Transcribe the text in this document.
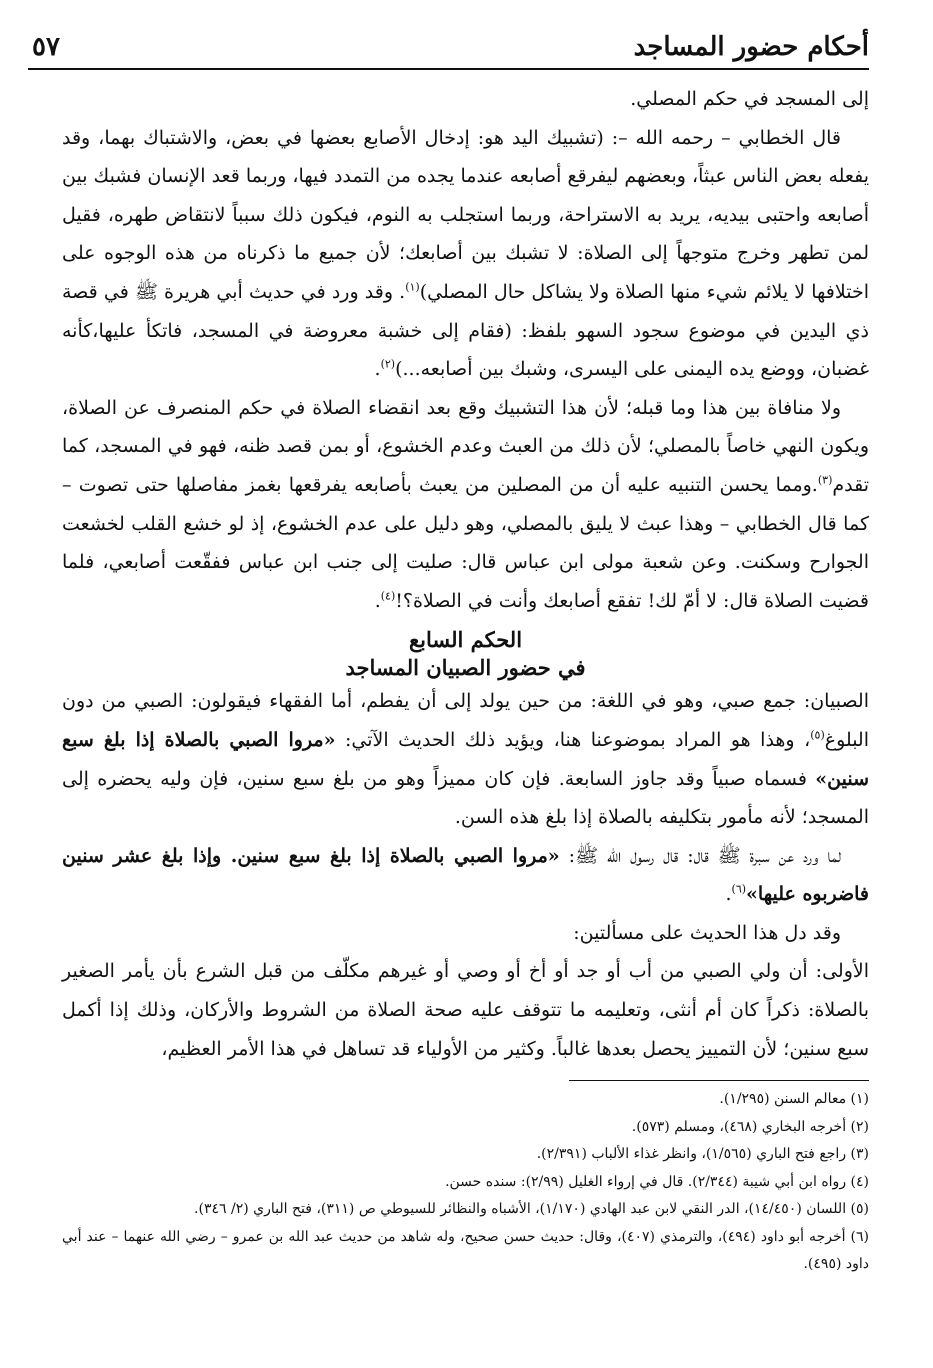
أحكام حضور المساجد
٥٧

إلى المسجد في حكم المصلي.

قال الخطابي – رحمه الله –: (تشبيك اليد هو: إدخال الأصابع بعضها في بعض، والاشتباك بهما، وقد يفعله بعض الناس عبثاً، وبعضهم ليفرقع أصابعه عندما يجده من التمدد فيها، وربما قعد الإنسان فشبك بين أصابعه واحتبى بيديه، يريد به الاستراحة، وربما استجلب به النوم، فيكون ذلك سبباً لانتقاض طهره، فقيل لمن تطهر وخرج متوجهاً إلى الصلاة: لا تشبك بين أصابعك؛ لأن جميع ما ذكرناه من هذه الوجوه على اختلافها لا يلائم شيء منها الصلاة ولا يشاكل حال المصلي)$^{(١)}$. وقد ورد في حديث أبي هريرة ﷺ في قصة ذي اليدين في موضوع سجود السهو بلفظ: (فقام إلى خشبة معروضة في المسجد، فاتكأ عليها،كأنه غضبان، ووضع يده اليمنى على اليسرى، وشبك بين أصابعه...)$^{(٢)}$.

ولا منافاة بين هذا وما قبله؛ لأن هذا التشبيك وقع بعد انقضاء الصلاة في حكم المنصرف عن الصلاة، ويكون النهي خاصاً بالمصلي؛ لأن ذلك من العبث وعدم الخشوع، أو بمن قصد ظنه، فهو في المسجد، كما تقدم$^{(٣)}$.ومما يحسن التنبيه عليه أن من المصلين من يعبث بأصابعه يفرقعها بغمز مفاصلها حتى تصوت – كما قال الخطابي – وهذا عبث لا يليق بالمصلي، وهو دليل على عدم الخشوع، إذ لو خشع القلب لخشعت الجوارح وسكنت. وعن شعبة مولى ابن عباس قال: صليت إلى جنب ابن عباس ففقّعت أصابعي، فلما قضيت الصلاة قال: لا أمّ لك! تفقع أصابعك وأنت في الصلاة؟!$^{(٤)}$.

الحكم السابع

في حضور الصبيان المساجد

الصبيان: جمع صبي، وهو في اللغة: من حين يولد إلى أن يفطم، أما الفقهاء فيقولون: الصبي من دون البلوغ$^{(٥)}$، وهذا هو المراد بموضوعنا هنا، ويؤيد ذلك الحديث الآتي: «مروا الصبي بالصلاة إذا بلغ سبع سنين» فسماه صبياً وقد جاوز السابعة. فإن كان مميزاً وهو من بلغ سبع سنين، فإن وليه يحضره إلى المسجد؛ لأنه مأمور بتكليفه بالصلاة إذا بلغ هذه السن.

لما ورد عن سبرة ﷺ قال: قال رسول الله ﷺ: «مروا الصبي بالصلاة إذا بلغ سبع سنين. وإذا بلغ عشر سنين فاضربوه عليها»$^{(٦)}$.

وقد دل هذا الحديث على مسألتين:

الأولى: أن ولي الصبي من أب أو جد أو أخ أو وصي أو غيرهم مكلّف من قبل الشرع بأن يأمر الصغير بالصلاة: ذكراً كان أم أنثى، وتعليمه ما تتوقف عليه صحة الصلاة من الشروط والأركان، وذلك إذا أكمل سبع سنين؛ لأن التمييز يحصل بعدها غالباً. وكثير من الأولياء قد تساهل في هذا الأمر العظيم،

(١) معالم السنن (١/٢٩٥).

(٢) أخرجه البخاري (٤٦٨)، ومسلم (٥٧٣).

(٣) راجع فتح الباري (١/٥٦٥)، وانظر غذاء الألباب (٢/٣٩١).

(٤) رواه ابن أبي شيبة (٢/٣٤٤). قال في إرواء الغليل (٢/٩٩): سنده حسن.

(٥) اللسان (١٤/٤٥٠)، الدر النقي لابن عبد الهادي (١/١٧٠)، الأشباه والنظائر للسيوطي ص (٣١١)، فتح الباري (٢/ ٣٤٦).

(٦) أخرجه أبو داود (٤٩٤)، والترمذي (٤٠٧)، وقال: حديث حسن صحيح، وله شاهد من حديث عبد الله بن عمرو – رضي الله عنهما – عند أبي داود (٤٩٥).
